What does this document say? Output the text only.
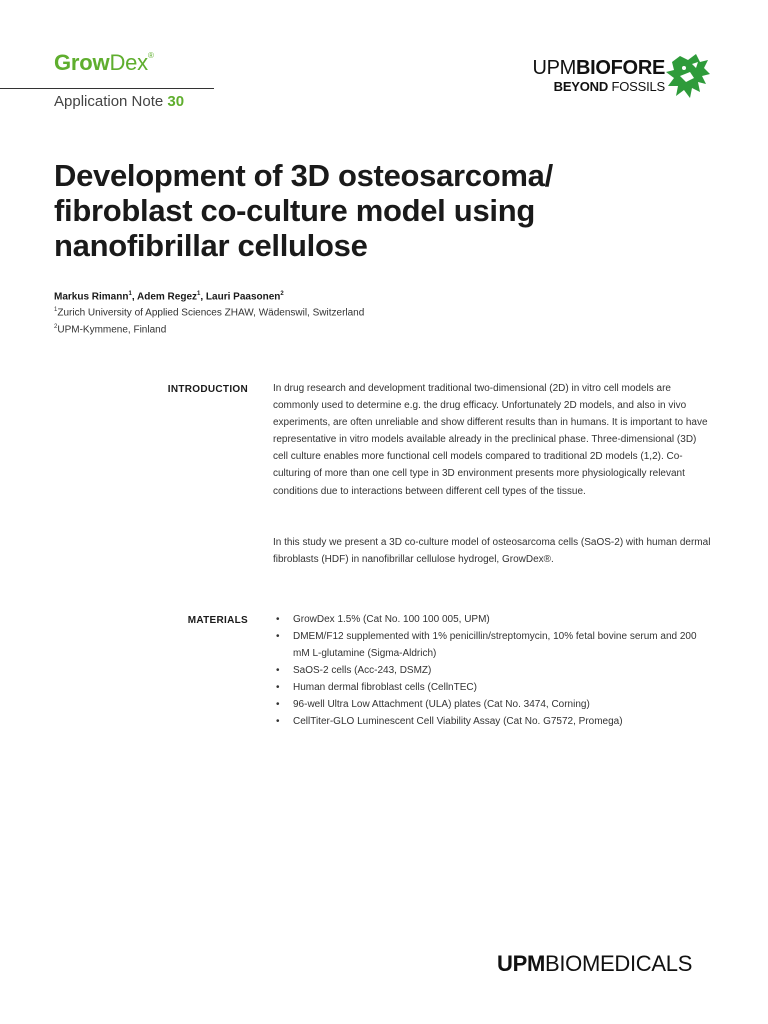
GrowDex®
Application Note 30
UPMBIOFORE
BEYOND FOSSILS
Development of 3D osteosarcoma/ fibroblast co-culture model using nanofibrillar cellulose
Markus Rimann$^1$, Adem Regez$^1$, Lauri Paasonen$^2$
$^1$Zurich University of Applied Sciences ZHAW, Wädenswil, Switzerland
$^2$UPM-Kymmene, Finland
INTRODUCTION	In drug research and development traditional two-dimensional (2D) in vitro cell models are commonly used to determine e.g. the drug efficacy. Unfortunately 2D models, and also in vivo experiments, are often unreliable and show different results than in humans. It is important to have representative in vitro models available already in the preclinical phase. Three-dimensional (3D) cell culture enables more functional cell models compared to traditional 2D models (1,2). Co-culturing of more than one cell type in 3D environment presents more physiologically relevant conditions due to interactions between different cell types of the tissue.

In this study we present a 3D co-culture model of osteosarcoma cells (SaOS-2) with human dermal fibroblasts (HDF) in nanofibrillar cellulose hydrogel, GrowDex®.

MATERIALS
•	GrowDex 1.5% (Cat No. 100 100 005, UPM)
• DMEM/F12 supplemented with 1% penicillin/streptomycin, 10% fetal bovine serum and 200 mM L-glutamine (Sigma-Aldrich)
• SaOS-2 cells (Acc-243, DSMZ)
• Human dermal fibroblast cells (CellnTEC)
• 96-well Ultra Low Attachment (ULA) plates (Cat No. 3474, Corning)
• CellTiter-GLO Luminescent Cell Viability Assay (Cat No. G7572, Promega)
UPMBIOMEDICALS
